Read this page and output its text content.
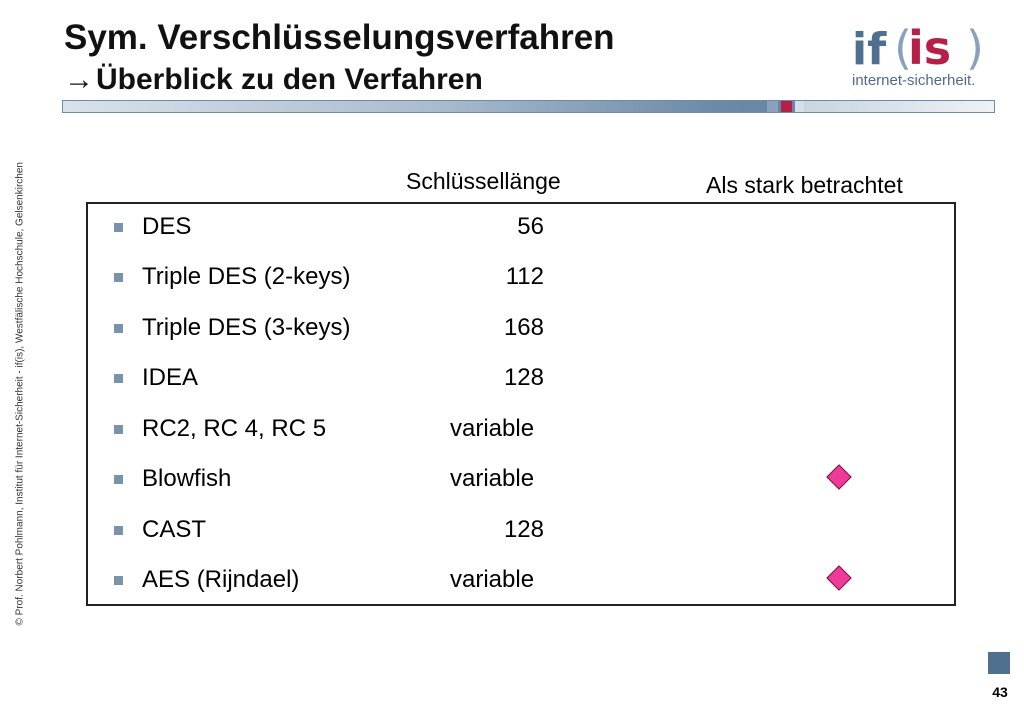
Sym. Verschlüsselungsverfahren
→Überblick zu den Verfahren
if (
is )
internet-sicherheit.
© Prof. Norbert Pohlmann, Institut für Internet-Sicherheit - if(is), Westfälische Hochschule, Gelsenkirchen	Schlüssellänge	Als stark betrachtet
DES	56
Triple DES (2-keys)	112
Triple DES (3-keys)	168
IDEA	128
RC2, RC 4, RC 5	variable
Blowfish	variable
CAST	128
AES (Rijndael)	variable
43
